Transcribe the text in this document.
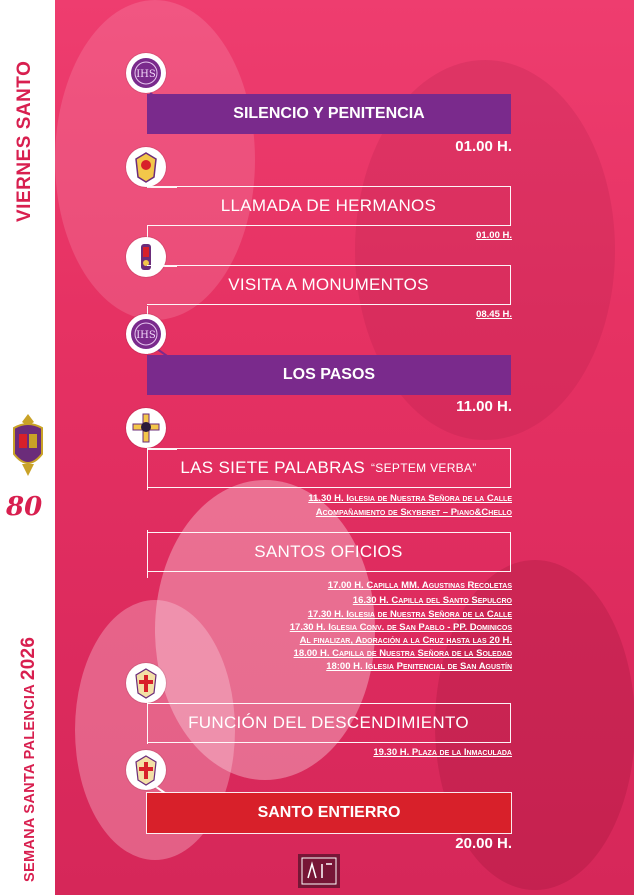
VIERNES SANTO
SEMANA SANTA PALENCIA 2026
80
IHS
IHS
SILENCIO Y PENITENCIA
01.00 H.
LLAMADA DE HERMANOS
01.00 H.
VISITA A MONUMENTOS
08.45 H.
LOS PASOS
11.00 H.
LAS SIETE PALABRAS “SEPTEM VERBA”
11.30 H. Iglesia de Nuestra Señora de la Calle
Acompañamiento de Skyberet – Piano&Chello
SANTOS OFICIOS
17.00 H. Capilla MM. Agustinas Recoletas
16.30 H. Capilla del Santo Sepulcro
17.30 H. Iglesia de Nuestra Señora de la Calle
17.30 H. Iglesia Conv. de San Pablo - PP. Dominicos
Al finalizar, Adoración a la Cruz hasta las 20 H.
18.00 H. Capilla de Nuestra Señora de la Soledad
18:00 H. Iglesia Penitencial de San Agustín
FUNCIÓN DEL DESCENDIMIENTO
19.30 H. Plaza de la Inmaculada
SANTO ENTIERRO
20.00 H.
